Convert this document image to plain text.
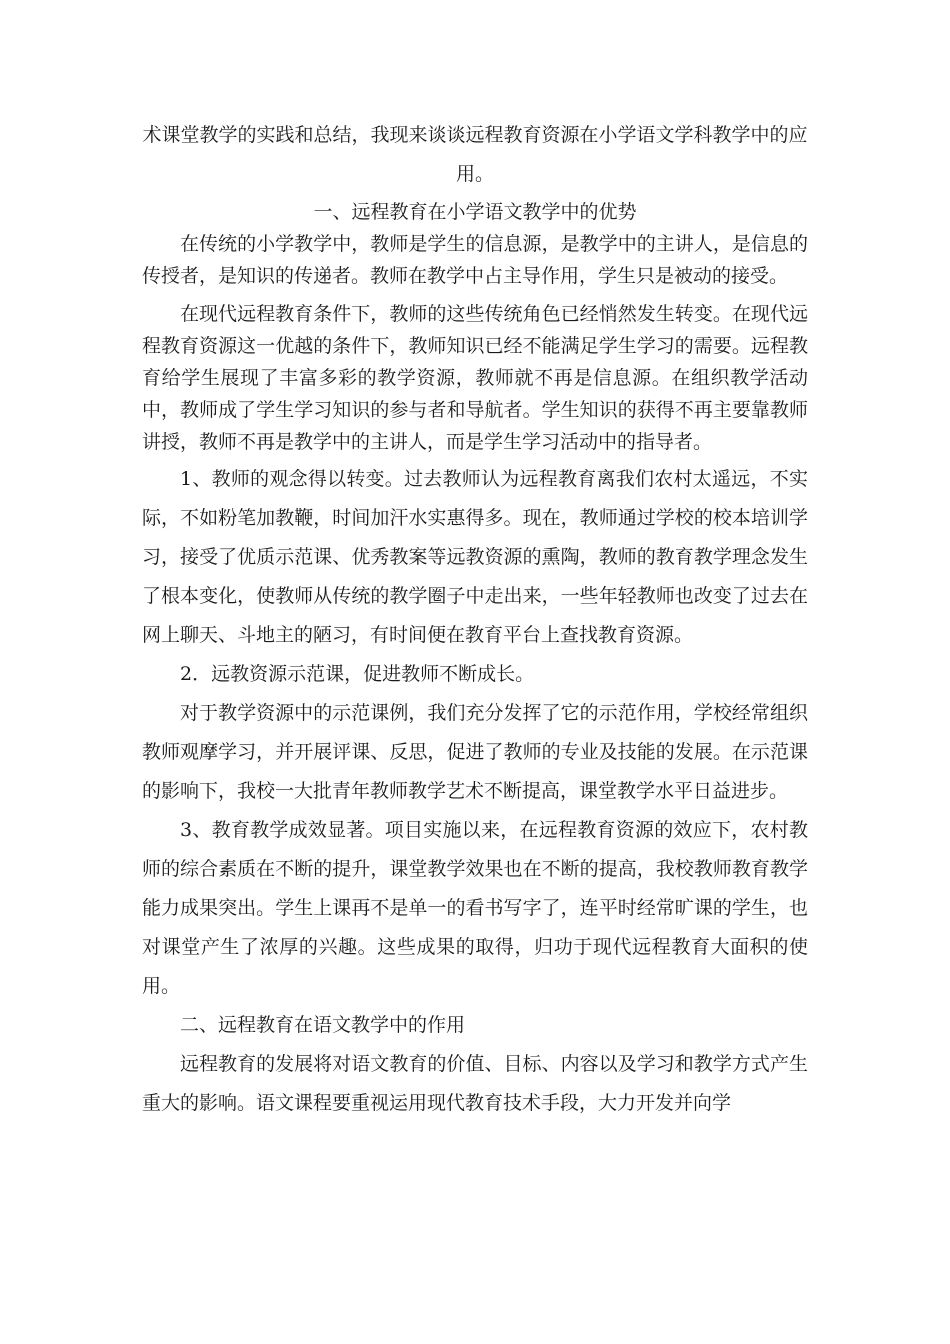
术课堂教学的实践和总结，我现来谈谈远程教育资源在小学语文学科教学中的应用。

一、远程教育在小学语文教学中的优势

在传统的小学教学中，教师是学生的信息源，是教学中的主讲人，是信息的传授者，是知识的传递者。教师在教学中占主导作用，学生只是被动的接受。

在现代远程教育条件下，教师的这些传统角色已经悄然发生转变。在现代远程教育资源这一优越的条件下，教师知识已经不能满足学生学习的需要。远程教育给学生展现了丰富多彩的教学资源，教师就不再是信息源。在组织教学活动中，教师成了学生学习知识的参与者和导航者。学生知识的获得不再主要靠教师讲授，教师不再是教学中的主讲人，而是学生学习活动中的指导者。

1、教师的观念得以转变。过去教师认为远程教育离我们农村太遥远，不实际，不如粉笔加教鞭，时间加汗水实惠得多。现在，教师通过学校的校本培训学习，接受了优质示范课、优秀教案等远教资源的熏陶，教师的教育教学理念发生了根本变化，使教师从传统的教学圈子中走出来，一些年轻教师也改变了过去在网上聊天、斗地主的陋习，有时间便在教育平台上查找教育资源。

2．远教资源示范课，促进教师不断成长。

对于教学资源中的示范课例，我们充分发挥了它的示范作用，学校经常组织教师观摩学习，并开展评课、反思，促进了教师的专业及技能的发展。在示范课的影响下，我校一大批青年教师教学艺术不断提高，课堂教学水平日益进步。

3、教育教学成效显著。项目实施以来，在远程教育资源的效应下，农村教师的综合素质在不断的提升，课堂教学效果也在不断的提高，我校教师教育教学能力成果突出。学生上课再不是单一的看书写字了，连平时经常旷课的学生，也对课堂产生了浓厚的兴趣。这些成果的取得，归功于现代远程教育大面积的使用。

二、远程教育在语文教学中的作用

远程教育的发展将对语文教育的价值、目标、内容以及学习和教学方式产生重大的影响。语文课程要重视运用现代教育技术手段，大力开发并向学
